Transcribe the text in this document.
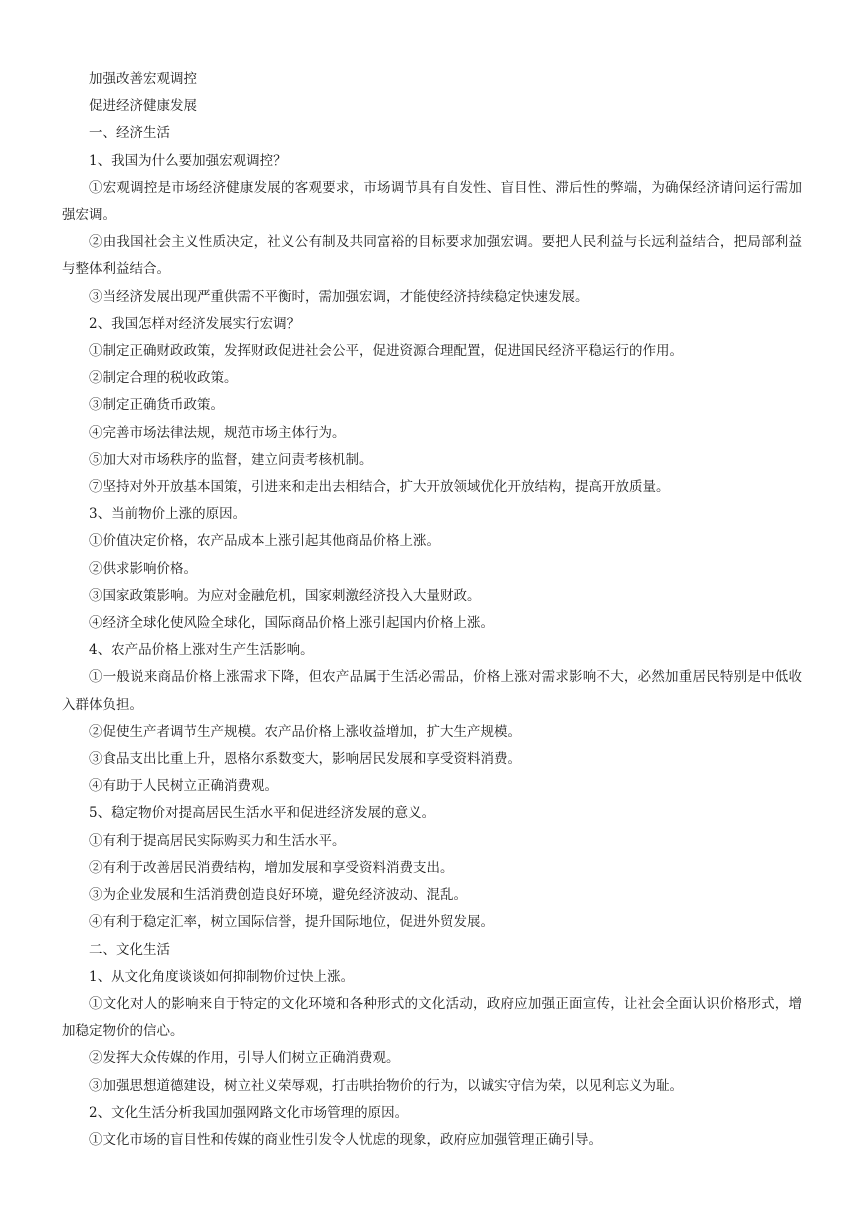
加强改善宏观调控

促进经济健康发展

一、经济生活

1、我国为什么要加强宏观调控？

①宏观调控是市场经济健康发展的客观要求，市场调节具有自发性、盲目性、滞后性的弊端，为确保经济请问运行需加强宏调。

②由我国社会主义性质决定，社义公有制及共同富裕的目标要求加强宏调。要把人民利益与长远利益结合，把局部利益与整体利益结合。

③当经济发展出现严重供需不平衡时，需加强宏调，才能使经济持续稳定快速发展。

2、我国怎样对经济发展实行宏调？

①制定正确财政政策，发挥财政促进社会公平，促进资源合理配置，促进国民经济平稳运行的作用。

②制定合理的税收政策。

③制定正确货币政策。

④完善市场法律法规，规范市场主体行为。

⑤加大对市场秩序的监督，建立问责考核机制。

⑦坚持对外开放基本国策，引进来和走出去相结合，扩大开放领域优化开放结构，提高开放质量。

3、当前物价上涨的原因。

①价值决定价格，农产品成本上涨引起其他商品价格上涨。

②供求影响价格。

③国家政策影响。为应对金融危机，国家刺激经济投入大量财政。

④经济全球化使风险全球化，国际商品价格上涨引起国内价格上涨。

4、农产品价格上涨对生产生活影响。

①一般说来商品价格上涨需求下降，但农产品属于生活必需品，价格上涨对需求影响不大，必然加重居民特别是中低收入群体负担。

②促使生产者调节生产规模。农产品价格上涨收益增加，扩大生产规模。

③食品支出比重上升，恩格尔系数变大，影响居民发展和享受资料消费。

④有助于人民树立正确消费观。

5、稳定物价对提高居民生活水平和促进经济发展的意义。

①有利于提高居民实际购买力和生活水平。

②有利于改善居民消费结构，增加发展和享受资料消费支出。

③为企业发展和生活消费创造良好环境，避免经济波动、混乱。

④有利于稳定汇率，树立国际信誉，提升国际地位，促进外贸发展。

二、文化生活

1、从文化角度谈谈如何抑制物价过快上涨。

①文化对人的影响来自于特定的文化环境和各种形式的文化活动，政府应加强正面宣传，让社会全面认识价格形式，增加稳定物价的信心。

②发挥大众传媒的作用，引导人们树立正确消费观。

③加强思想道德建设，树立社义荣辱观，打击哄抬物价的行为，以诚实守信为荣，以见利忘义为耻。

2、文化生活分析我国加强网路文化市场管理的原因。

①文化市场的盲目性和传媒的商业性引发令人忧虑的现象，政府应加强管理正确引导。
